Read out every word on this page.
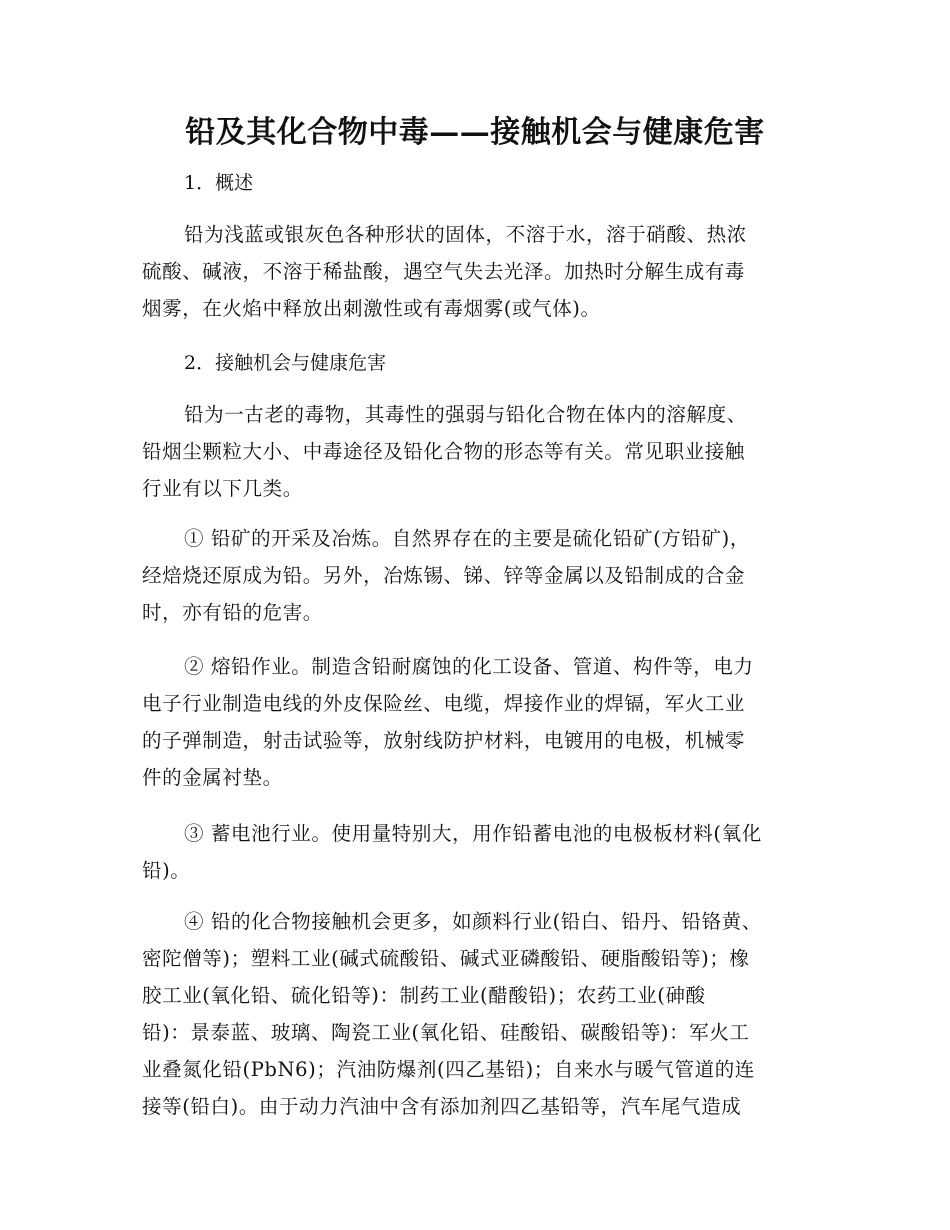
铅及其化合物中毒——接触机会与健康危害
1．概述
铅为浅蓝或银灰色各种形状的固体，不溶于水，溶于硝酸、热浓
硫酸、碱液，不溶于稀盐酸，遇空气失去光泽。加热时分解生成有毒
烟雾，在火焰中释放出刺激性或有毒烟雾(或气体)。
2．接触机会与健康危害
铅为一古老的毒物，其毒性的强弱与铅化合物在体内的溶解度、
铅烟尘颗粒大小、中毒途径及铅化合物的形态等有关。常见职业接触
行业有以下几类。
① 铅矿的开采及冶炼。自然界存在的主要是硫化铅矿(方铅矿)，
经焙烧还原成为铅。另外，冶炼锡、锑、锌等金属以及铅制成的合金
时，亦有铅的危害。
② 熔铅作业。制造含铅耐腐蚀的化工设备、管道、构件等，电力
电子行业制造电线的外皮保险丝、电缆，焊接作业的焊镉，军火工业
的子弹制造，射击试验等，放射线防护材料，电镀用的电极，机械零
件的金属衬垫。
③ 蓄电池行业。使用量特别大，用作铅蓄电池的电极板材料(氧化
铅)。
④ 铅的化合物接触机会更多，如颜料行业(铅白、铅丹、铅铬黄、
密陀僧等)；塑料工业(碱式硫酸铅、碱式亚磷酸铅、硬脂酸铅等)；橡
胶工业(氧化铅、硫化铅等)：制药工业(醋酸铅)；农药工业(砷酸
铅)：景泰蓝、玻璃、陶瓷工业(氧化铅、硅酸铅、碳酸铅等)：军火工
业叠氮化铅(PbN6)；汽油防爆剂(四乙基铅)；自来水与暖气管道的连
接等(铅白)。由于动力汽油中含有添加剂四乙基铅等，汽车尾气造成
